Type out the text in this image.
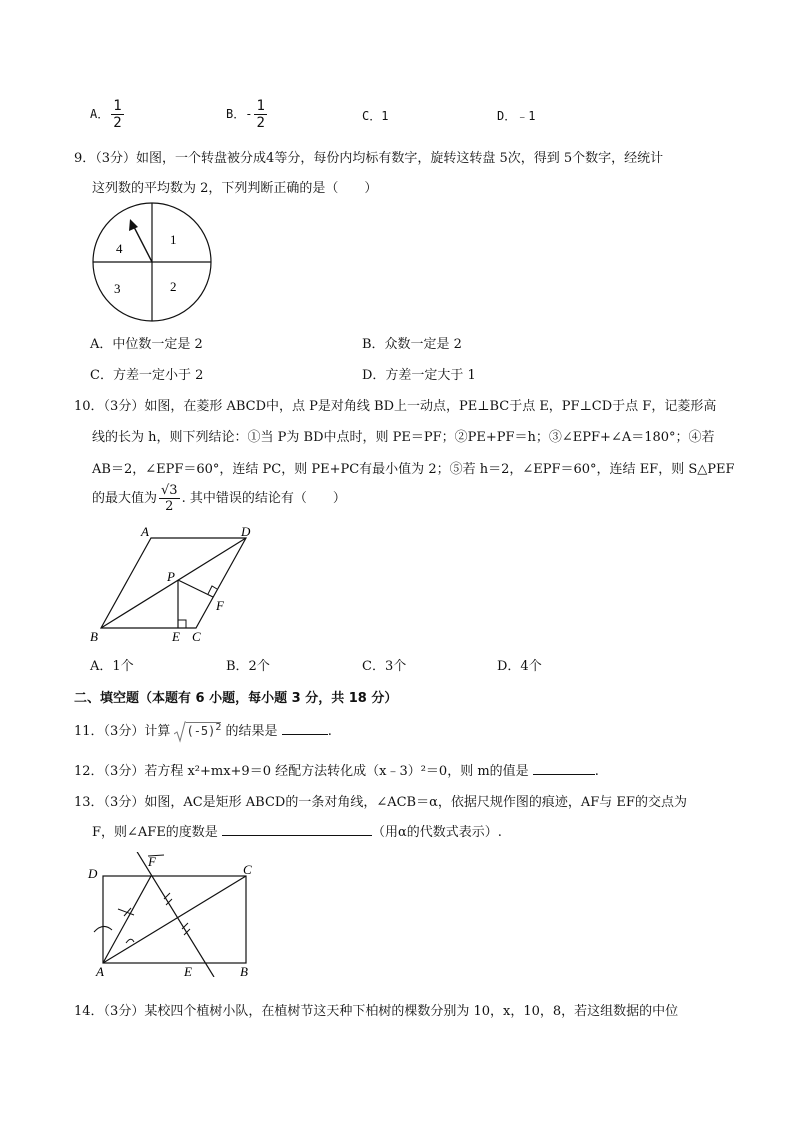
A． $\frac{1}{2}$	B．- $\frac{1}{2}$	C．1	D．﹣1
9．（3分）如图，一个转盘被分成4等分，每份内均标有数字，旋转这转盘 5次，得到 5个数字，经统计
这列数的平均数为 2，下列判断正确的是（　　）
1
2
3
4
A．中位数一定是 2	B．众数一定是 2
C．方差一定小于 2	D．方差一定大于 1
10．（3分）如图，在菱形 ABCD中，点 P是对角线 BD上一动点，PE⊥BC于点 E，PF⊥CD于点 F，记菱形高
线的长为 h，则下列结论：①当 P为 BD中点时，则 PE＝PF；②PE+PF＝h；③∠EPF+∠A＝180°；④若
AB＝2，∠EPF＝60°，连结 PC，则 PE+PC有最小值为 2；⑤若 h＝2，∠EPF＝60°，连结 EF，则 S△PEF
的最大值为 $\frac{√3}{2}$ . 其中错误的结论有（　　）
A	D
B	C
P
E
F
A．1个	B．2个	C．3个	D．4个
二、填空题（本题有 6 小题，每小题 3 分，共 18 分）
11．（3分）计算 $(-5)^2$ 的结果是	.
12．（3分）若方程 x²+mx+9＝0 经配方法转化成（x﹣3）²＝0，则 m的值是	.
13．（3分）如图，AC是矩形 ABCD的一条对角线，∠ACB＝α，依据尺规作图的痕迹，AF与 EF的交点为
F，则∠AFE的度数是	（用α的代数式表示）.
D
F
C
A	E	B
14．（3分）某校四个植树小队，在植树节这天种下柏树的棵数分别为 10，x，10，8，若这组数据的中位
